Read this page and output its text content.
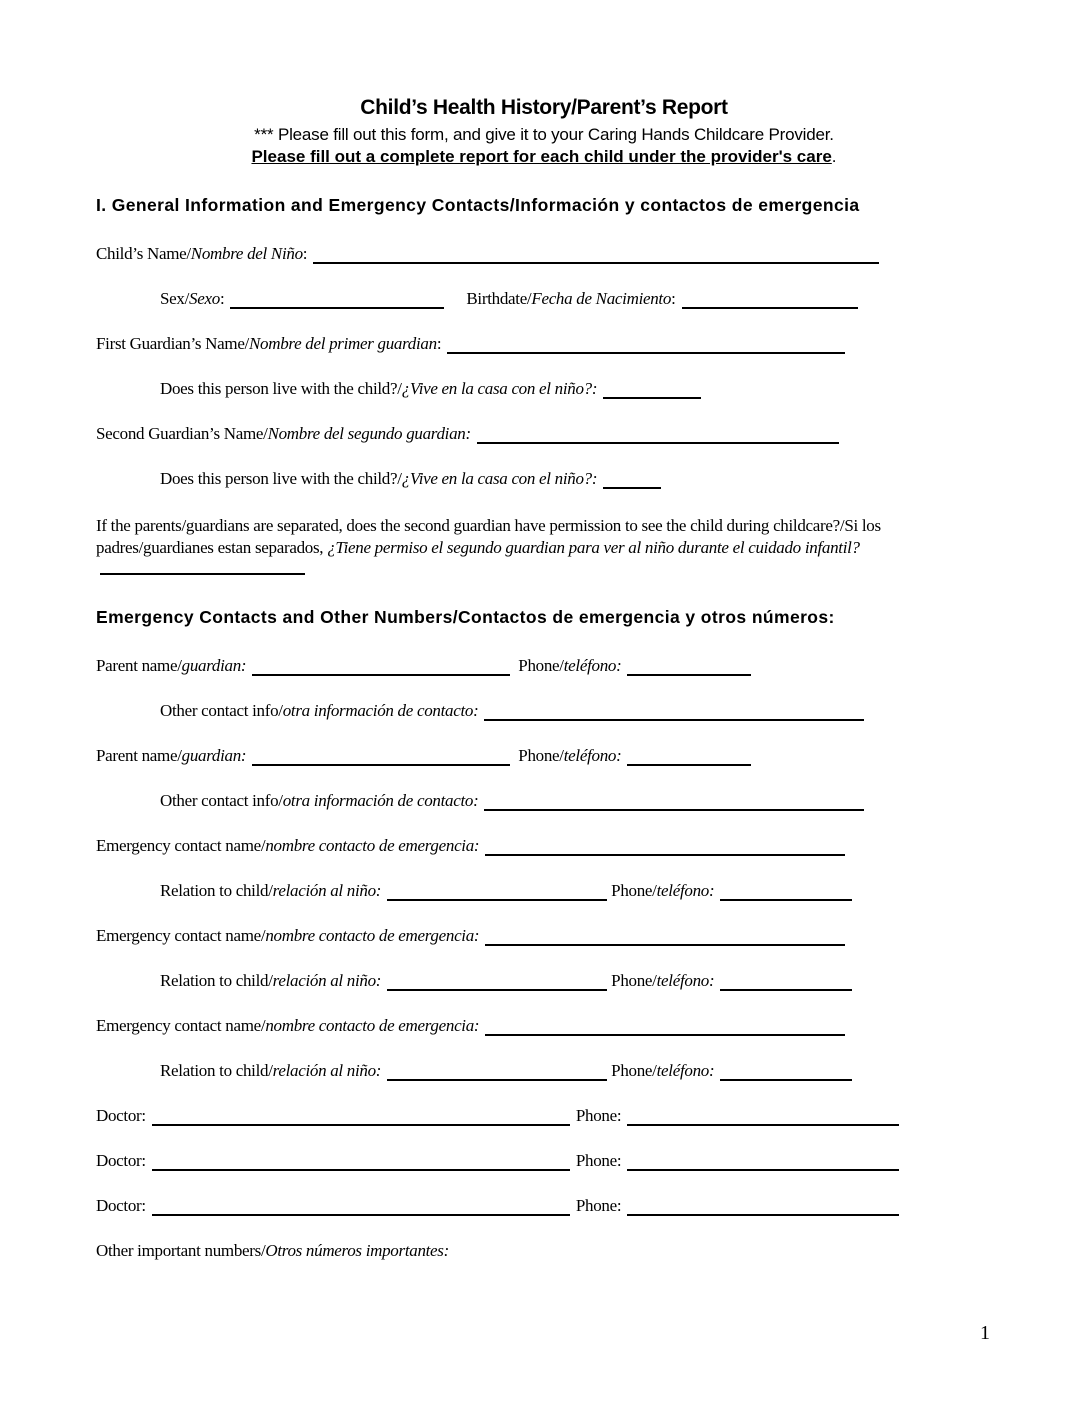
Child’s Health History/Parent’s Report
*** Please fill out this form, and give it to your Caring Hands Childcare Provider.
Please fill out a complete report for each child under the provider's care.
I. General Information and Emergency Contacts/Información y contactos de emergencia
Child’s Name/ Nombre del Niño :
Sex/ Sexo :	Birthdate/ Fecha de Nacimiento :
First Guardian’s Name/ Nombre del primer guardian :
Does this person live with the child?/ ¿Vive en la casa con el niño?:
Second Guardian’s Name/ Nombre del segundo guardian:
Does this person live with the child?/ ¿Vive en la casa con el niño?:
If the parents/guardians are separated, does the second guardian have permission to see the child during childcare?/Si los padres/guardianes estan separados, ¿Tiene permiso el segundo guardian para ver al niño durante el cuidado infantil?
Emergency Contacts and Other Numbers/Contactos de emergencia y otros números:
Parent name/ guardian:	Phone/ teléfono:
Other contact info/ otra información de contacto:
Parent name/ guardian:	Phone/ teléfono:
Other contact info/ otra información de contacto:
Emergency contact name/ nombre contacto de emergencia:
Relation to child/ relación al niño:	Phone/ teléfono:
Emergency contact name/ nombre contacto de emergencia:
Relation to child/ relación al niño:	Phone/ teléfono:
Emergency contact name/ nombre contacto de emergencia:
Relation to child/ relación al niño:	Phone/ teléfono:
Doctor:	Phone:
Doctor:	Phone:
Doctor:	Phone:
Other important numbers/ Otros números importantes:
1
